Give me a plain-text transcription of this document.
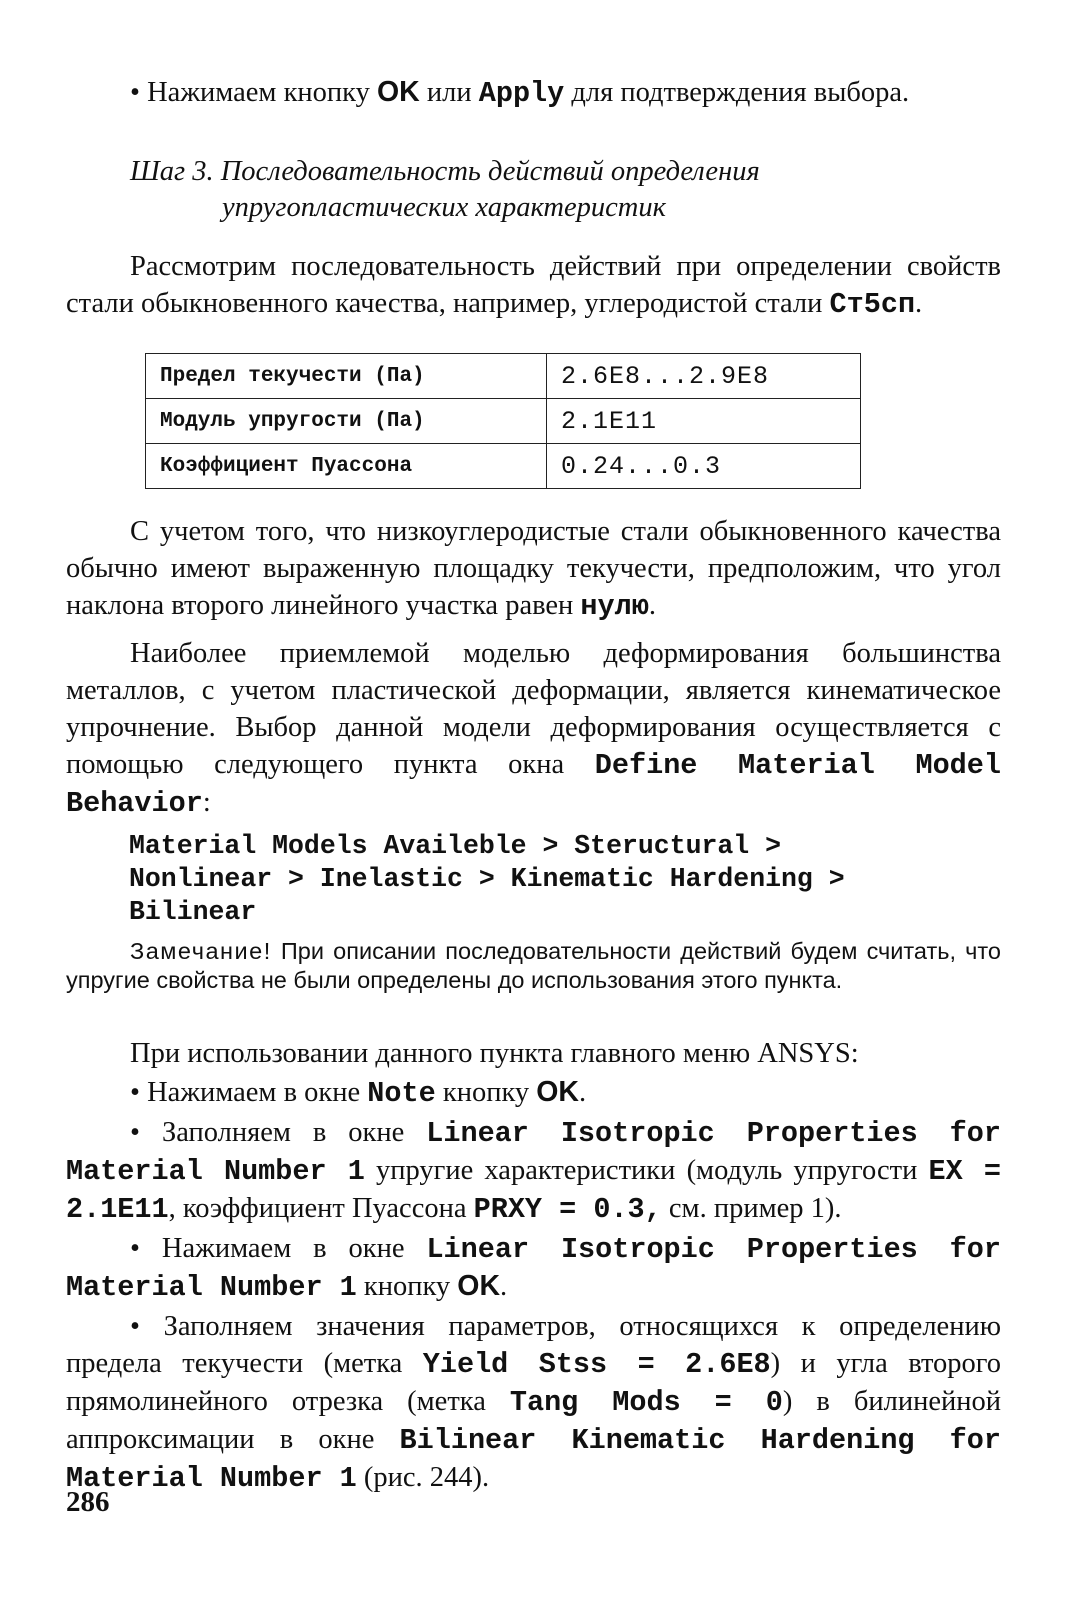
• Нажимаем кнопку OK или Apply для подтверждения выбора.

Шаг 3. Последовательность действий определения
упругопластических характеристик

Рассмотрим последовательность действий при определении свойств стали обыкновенного качества, например, углеродистой стали Ст5сп.

Предел текучести (Па)	2.6E8...2.9E8
Модуль упругости (Па)	2.1E11
Коэффициент Пуассона	0.24...0.3

С учетом того, что низкоуглеродистые стали обыкновенного качества обычно имеют выраженную площадку текучести, предположим, что угол наклона второго линейного участка равен нулю.

Наиболее приемлемой моделью деформирования большинства металлов, с учетом пластической деформации, является кинематическое упрочнение. Выбор данной модели деформирования осуществляется с помощью следующего пункта окна Define Material Model Behavior:

Material Models Availeble > Steructural >
Nonlinear > Inelastic > Kinematic Hardening >
Bilinear

Замечание! При описании последовательности действий будем считать, что упругие свойства не были определены до использования этого пункта.

При использовании данного пункта главного меню ANSYS:

• Нажимаем в окне Note кнопку OK.

• Заполняем в окне Linear Isotropic Properties for Material Number 1 упругие характеристики (модуль упругости EX = 2.1E11, коэффициент Пуассона PRXY = 0.3, см. пример 1).

• Нажимаем в окне Linear Isotropic Properties for Material Number 1 кнопку OK.

• Заполняем значения параметров, относящихся к определению предела текучести (метка Yield Stss = 2.6E8) и угла второго прямолинейного отрезка (метка Tang Mods = 0) в билинейной аппроксимации в окне Bilinear Kinematic Hardening for Material Number 1 (рис. 244).

286
